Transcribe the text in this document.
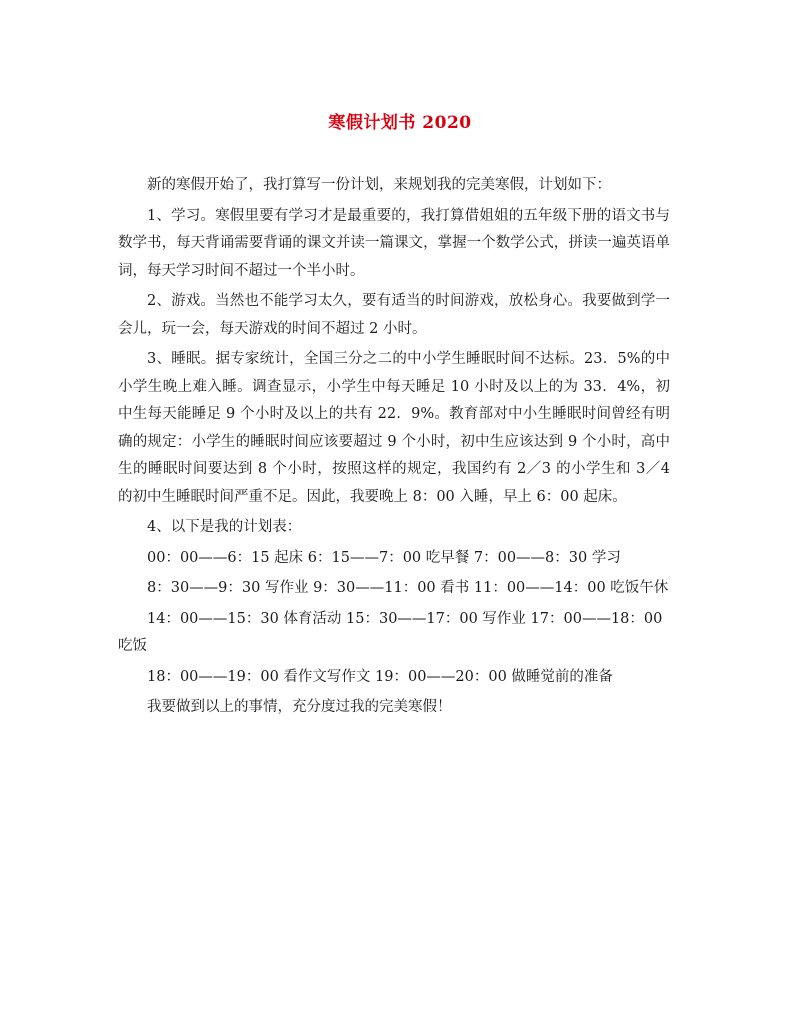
寒假计划书 2020

新的寒假开始了，我打算写一份计划，来规划我的完美寒假，计划如下：

1、学习。寒假里要有学习才是最重要的，我打算借姐姐的五年级下册的语文书与数学书，每天背诵需要背诵的课文并读一篇课文，掌握一个数学公式，拼读一遍英语单词，每天学习时间不超过一个半小时。

2、游戏。当然也不能学习太久，要有适当的时间游戏，放松身心。我要做到学一会儿，玩一会，每天游戏的时间不超过 2 小时。

3、睡眠。据专家统计，全国三分之二的中小学生睡眠时间不达标。23．5%的中小学生晚上难入睡。调查显示，小学生中每天睡足 10 小时及以上的为 33．4%，初中生每天能睡足 9 个小时及以上的共有 22．9%。教育部对中小生睡眠时间曾经有明确的规定：小学生的睡眠时间应该要超过 9 个小时，初中生应该达到 9 个小时，高中生的睡眠时间要达到 8 个小时，按照这样的规定，我国约有 2／3 的小学生和 3／4 的初中生睡眠时间严重不足。因此，我要晚上 8：00 入睡，早上 6：00 起床。

4、以下是我的计划表：

00：00——6：15 起床 6：15——7：00 吃早餐 7：00——8：30 学习

8：30——9：30 写作业 9：30——11：00 看书 11：00——14：00 吃饭午休

14：00——15：30 体育活动 15：30——17：00 写作业 17：00——18：00 吃饭

18：00——19：00 看作文写作文 19：00——20：00 做睡觉前的准备

我要做到以上的事情，充分度过我的完美寒假！
